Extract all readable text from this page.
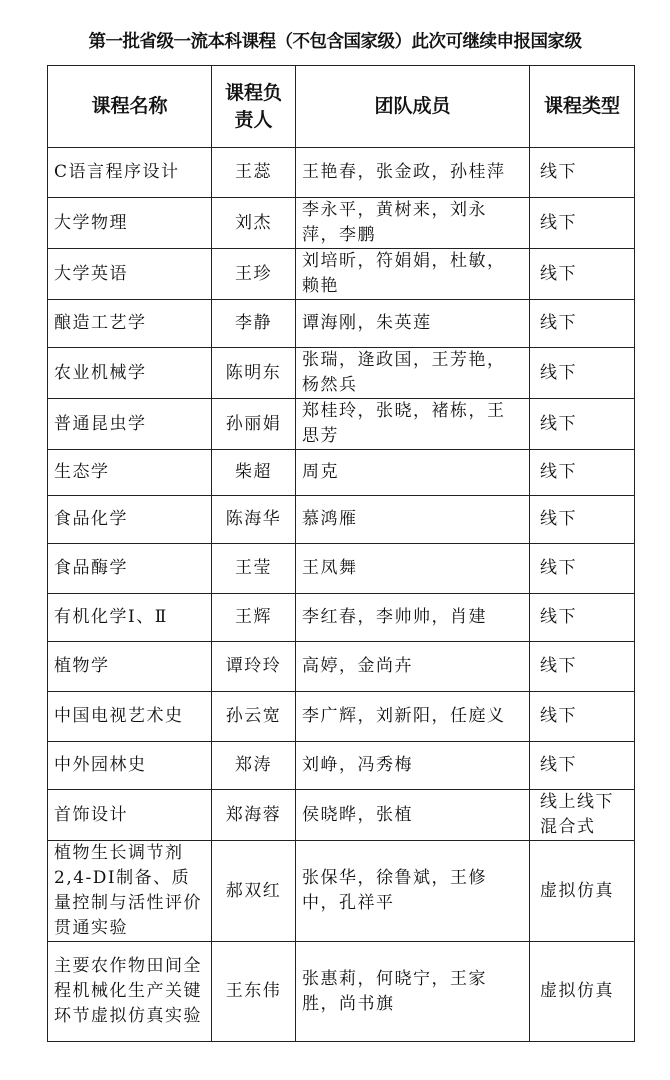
第一批省级一流本科课程（不包含国家级）此次可继续申报国家级
课程名称	课程负责人	团队成员	课程类型
C语言程序设计	王蕊	王艳春，张金政，孙桂萍	线下
大学物理	刘杰	李永平，黄树来，刘永萍，李鹏	线下
大学英语	王珍	刘培昕，符娟娟，杜敏，赖艳	线下
酿造工艺学	李静	谭海刚，朱英莲	线下
农业机械学	陈明东	张瑞，逄政国，王芳艳，杨然兵	线下
普通昆虫学	孙丽娟	郑桂玲，张晓，褚栋，王思芳	线下
生态学	柴超	周克	线下
食品化学	陈海华	慕鸿雁	线下
食品酶学	王莹	王凤舞	线下
有机化学Ⅰ、Ⅱ	王辉	李红春，李帅帅，肖建	线下
植物学	谭玲玲	高婷，金尚卉	线下
中国电视艺术史	孙云宽	李广辉，刘新阳，任庭义	线下
中外园林史	郑涛	刘峥，冯秀梅	线下
首饰设计	郑海蓉	侯晓晔，张植	线上线下混合式
植物生长调节剂2,4-DI制备、质量控制与活性评价贯通实验	郝双红	张保华，徐鲁斌，王修中，孔祥平	虚拟仿真
主要农作物田间全程机械化生产关键环节虚拟仿真实验	王东伟	张惠莉，何晓宁，王家胜，尚书旗	虚拟仿真
